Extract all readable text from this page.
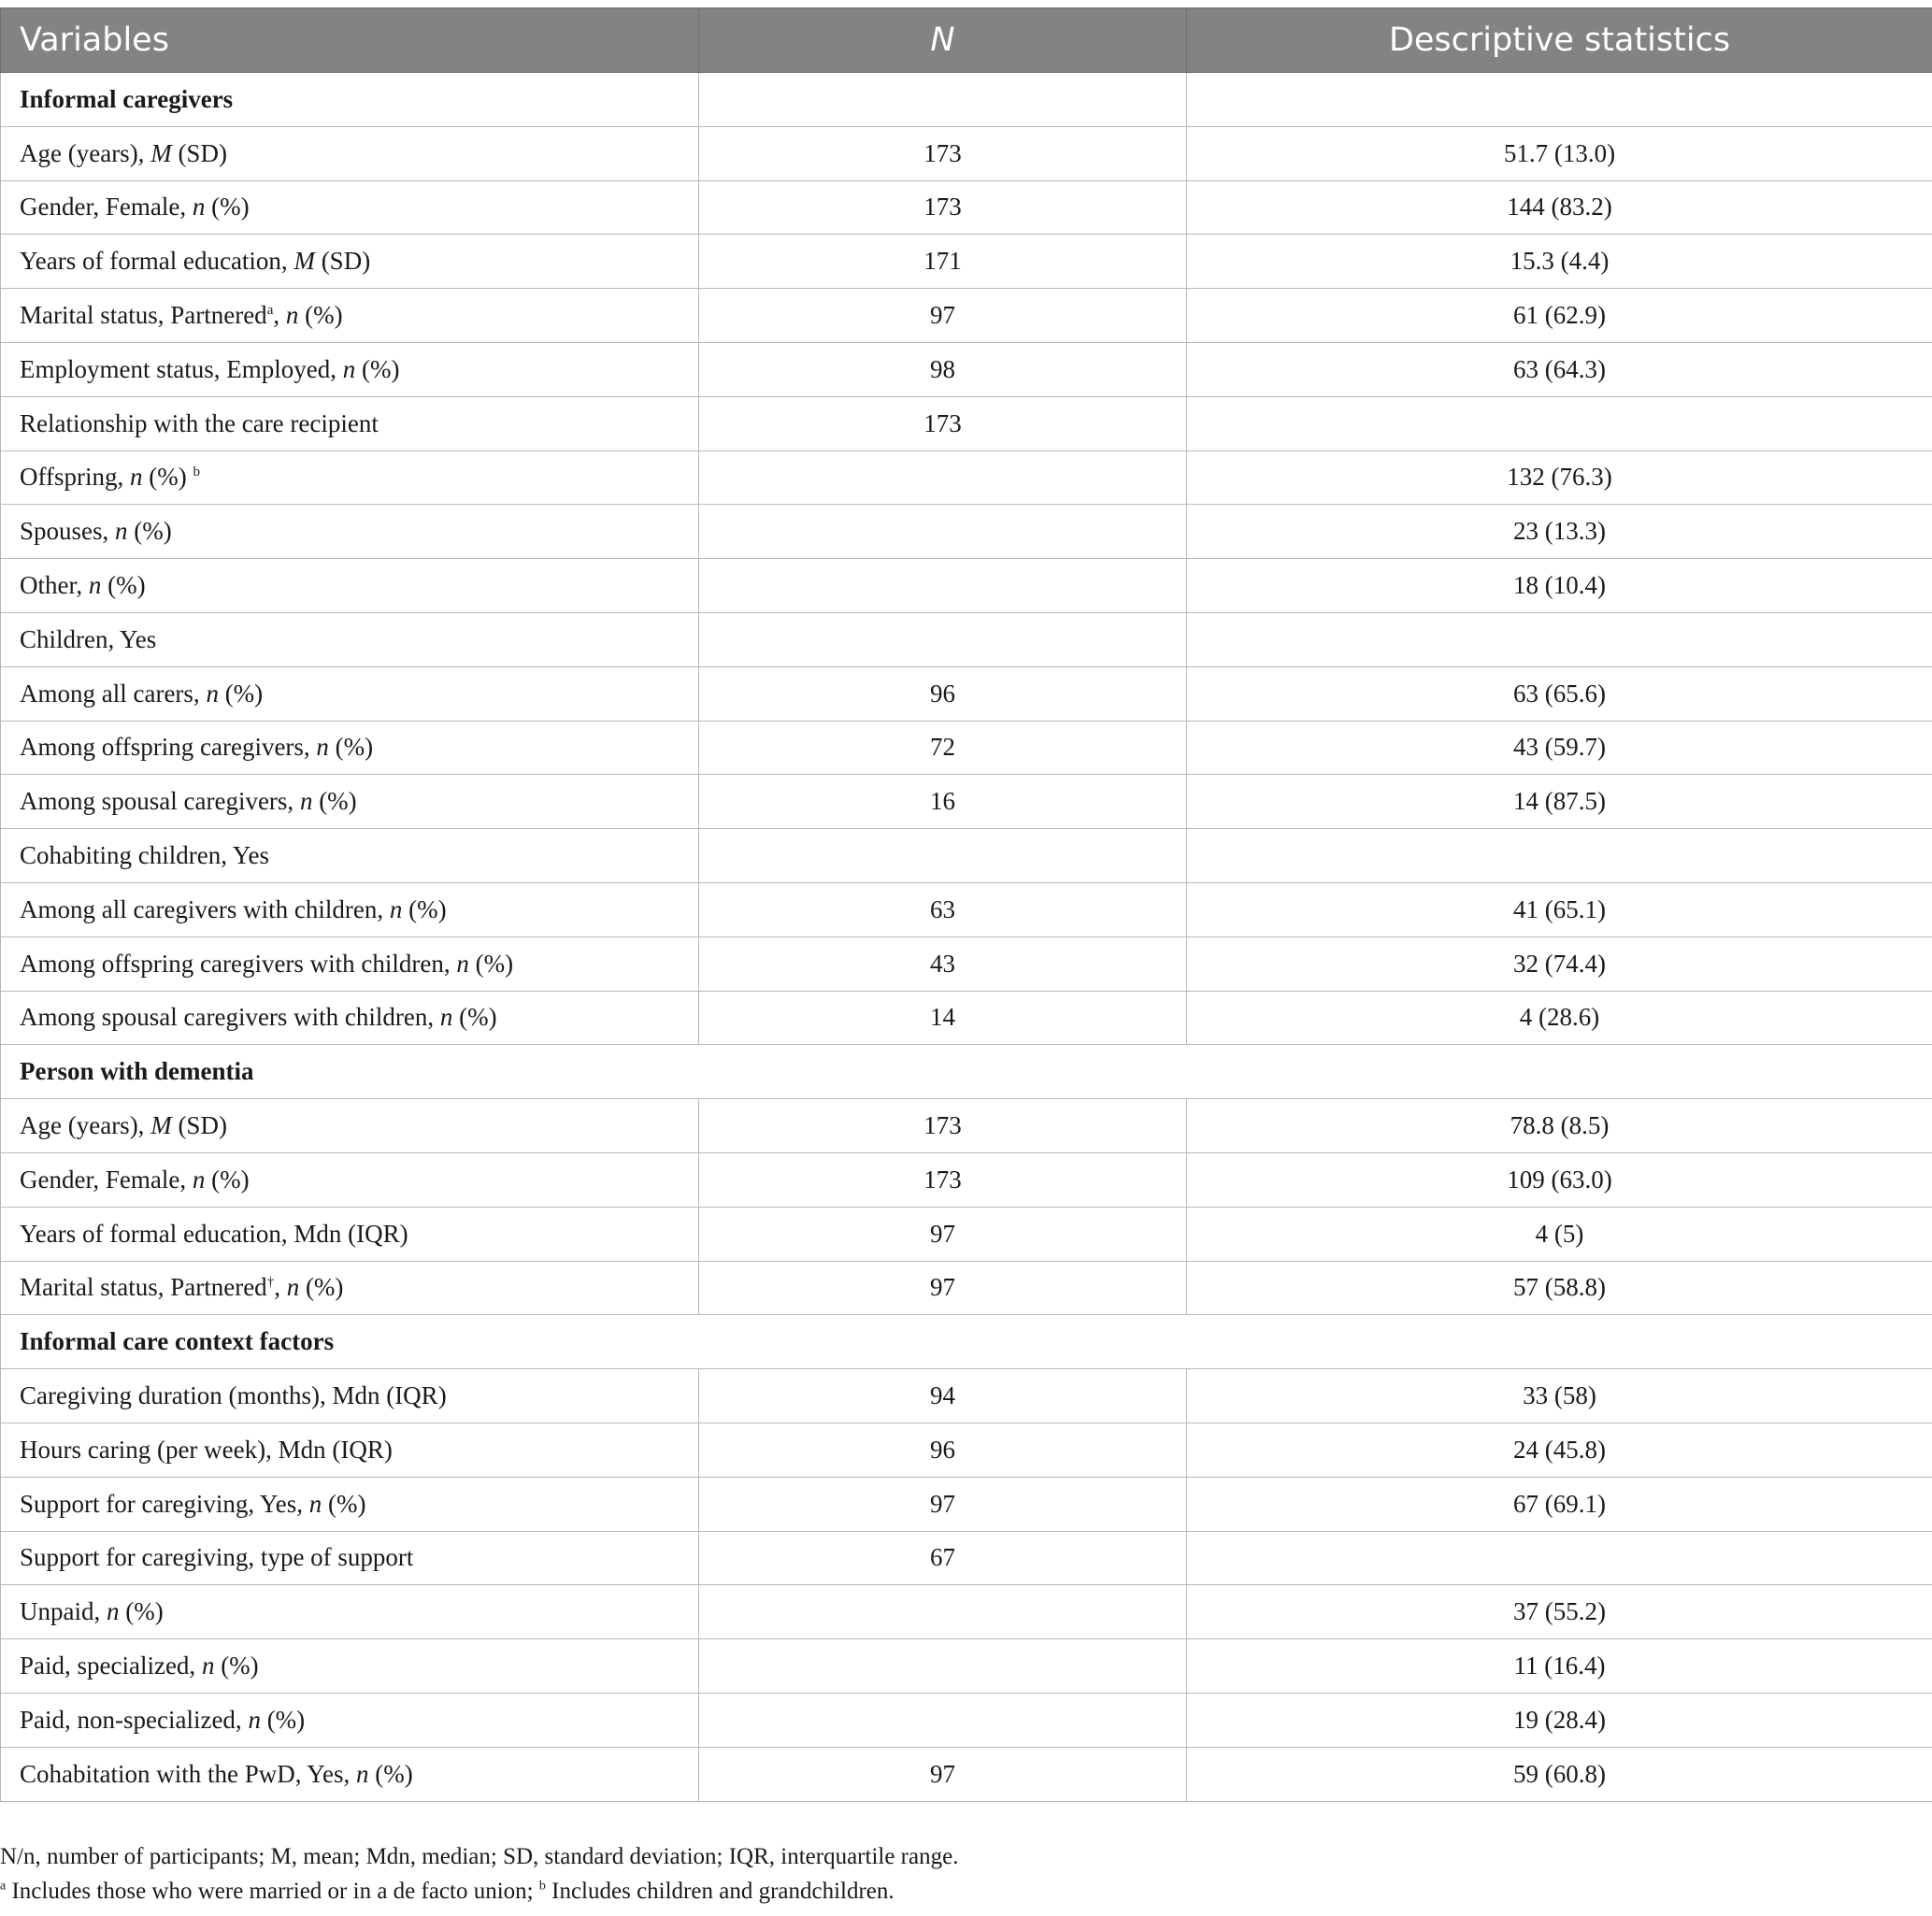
Variables	N	Descriptive statistics
Informal caregivers		
Age (years), M (SD)	173	51.7 (13.0)
Gender, Female, n (%)	173	144 (83.2)
Years of formal education, M (SD)	171	15.3 (4.4)
Marital status, Partnered$^a$, n (%)	97	61 (62.9)
Employment status, Employed, n (%)	98	63 (64.3)
Relationship with the care recipient	173	
Offspring, n (%) $^b$		132 (76.3)
Spouses, n (%)		23 (13.3)
Other, n (%)		18 (10.4)
Children, Yes		
Among all carers, n (%)	96	63 (65.6)
Among offspring caregivers, n (%)	72	43 (59.7)
Among spousal caregivers, n (%)	16	14 (87.5)
Cohabiting children, Yes		
Among all caregivers with children, n (%)	63	41 (65.1)
Among offspring caregivers with children, n (%)	43	32 (74.4)
Among spousal caregivers with children, n (%)	14	4 (28.6)
Person with dementia		
Age (years), M (SD)	173	78.8 (8.5)
Gender, Female, n (%)	173	109 (63.0)
Years of formal education, Mdn (IQR)	97	4 (5)
Marital status, Partnered†, n (%)	97	57 (58.8)
Informal care context factors		
Caregiving duration (months), Mdn (IQR)	94	33 (58)
Hours caring (per week), Mdn (IQR)	96	24 (45.8)
Support for caregiving, Yes, n (%)	97	67 (69.1)
Support for caregiving, type of support	67	
Unpaid, n (%)		37 (55.2)
Paid, specialized, n (%)		11 (16.4)
Paid, non-specialized, n (%)		19 (28.4)
Cohabitation with the PwD, Yes, n (%)	97	59 (60.8)
N/n, number of participants; M, mean; Mdn, median; SD, standard deviation; IQR, interquartile range.
$^a$ Includes those who were married or in a de facto union; $^b$ Includes children and grandchildren.
